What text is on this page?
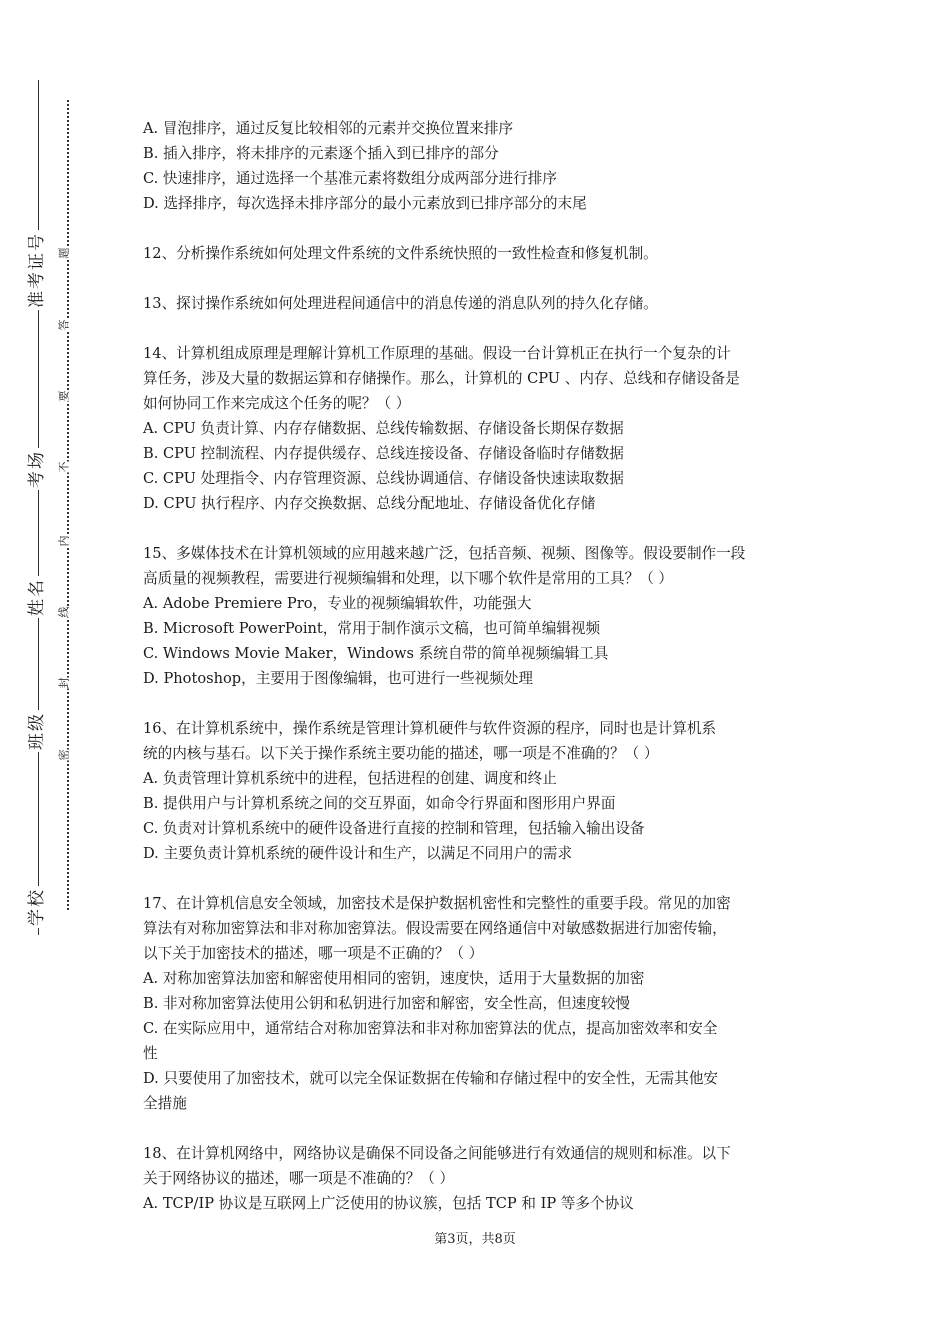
准考证号
考场
姓名
班级
学校
题
答
要
不
内
线
封
密
A. 冒泡排序，通过反复比较相邻的元素并交换位置来排序
B. 插入排序，将未排序的元素逐个插入到已排序的部分
C. 快速排序，通过选择一个基准元素将数组分成两部分进行排序
D. 选择排序，每次选择未排序部分的最小元素放到已排序部分的末尾
12、分析操作系统如何处理文件系统的文件系统快照的一致性检查和修复机制。
13、探讨操作系统如何处理进程间通信中的消息传递的消息队列的持久化存储。
14、计算机组成原理是理解计算机工作原理的基础。假设一台计算机正在执行一个复杂的计
算任务，涉及大量的数据运算和存储操作。那么，计算机的 CPU 、内存、总线和存储设备是
如何协同工作来完成这个任务的呢？（ ）
A. CPU 负责计算、内存存储数据、总线传输数据、存储设备长期保存数据
B. CPU 控制流程、内存提供缓存、总线连接设备、存储设备临时存储数据
C. CPU 处理指令、内存管理资源、总线协调通信、存储设备快速读取数据
D. CPU 执行程序、内存交换数据、总线分配地址、存储设备优化存储
15、多媒体技术在计算机领域的应用越来越广泛，包括音频、视频、图像等。假设要制作一段
高质量的视频教程，需要进行视频编辑和处理，以下哪个软件是常用的工具？（ ）
A. Adobe Premiere Pro，专业的视频编辑软件，功能强大
B. Microsoft PowerPoint，常用于制作演示文稿，也可简单编辑视频
C. Windows Movie Maker，Windows 系统自带的简单视频编辑工具
D. Photoshop，主要用于图像编辑，也可进行一些视频处理
16、在计算机系统中，操作系统是管理计算机硬件与软件资源的程序，同时也是计算机系
统的内核与基石。以下关于操作系统主要功能的描述，哪一项是不准确的？（ ）
A. 负责管理计算机系统中的进程，包括进程的创建、调度和终止
B. 提供用户与计算机系统之间的交互界面，如命令行界面和图形用户界面
C. 负责对计算机系统中的硬件设备进行直接的控制和管理，包括输入输出设备
D. 主要负责计算机系统的硬件设计和生产，以满足不同用户的需求
17、在计算机信息安全领域，加密技术是保护数据机密性和完整性的重要手段。常见的加密
算法有对称加密算法和非对称加密算法。假设需要在网络通信中对敏感数据进行加密传输，
以下关于加密技术的描述，哪一项是不正确的？（ ）
A. 对称加密算法加密和解密使用相同的密钥，速度快，适用于大量数据的加密
B. 非对称加密算法使用公钥和私钥进行加密和解密，安全性高，但速度较慢
C. 在实际应用中，通常结合对称加密算法和非对称加密算法的优点，提高加密效率和安全
性
D. 只要使用了加密技术，就可以完全保证数据在传输和存储过程中的安全性，无需其他安
全措施
18、在计算机网络中，网络协议是确保不同设备之间能够进行有效通信的规则和标准。以下
关于网络协议的描述，哪一项是不准确的？（ ）
A. TCP/IP 协议是互联网上广泛使用的协议簇，包括 TCP 和 IP 等多个协议
第3页，共8页
